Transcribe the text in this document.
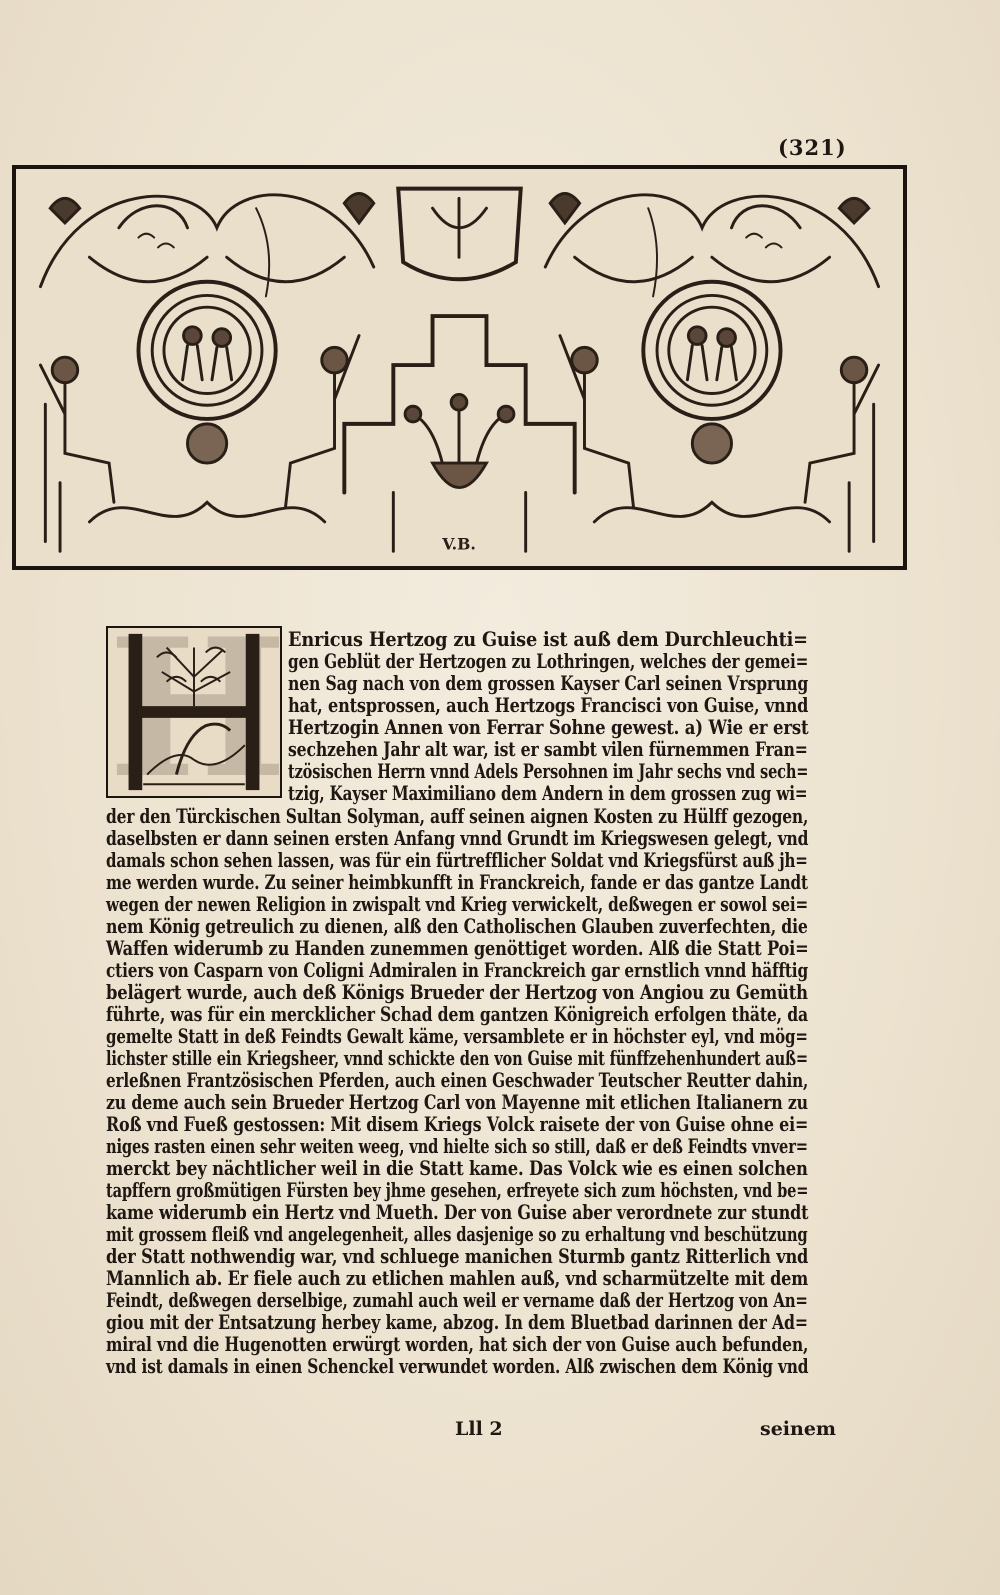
(321)
V.B.
H Enricus Hertzog zu Guise ist auß dem Durchleuchti=
gen Geblüt der Hertzogen zu Lothringen, welches der gemei=
nen Sag nach von dem grossen Kayser Carl seinen Vrsprung
hat, entsprossen, auch Hertzogs Francisci von Guise, vnnd
Hertzogin Annen von Ferrar Sohne gewest. a) Wie er erst
sechzehen Jahr alt war, ist er sambt vilen fürnemmen Fran=
tzösischen Herrn vnnd Adels Persohnen im Jahr sechs vnd sech=
tzig, Kayser Maximiliano dem Andern in dem grossen zug wi=
der den Türckischen Sultan Solyman, auff seinen aignen Kosten zu Hülff gezogen,
daselbsten er dann seinen ersten Anfang vnnd Grundt im Kriegswesen gelegt, vnd
damals schon sehen lassen, was für ein fürtrefflicher Soldat vnd Kriegsfürst auß jh=
me werden wurde. Zu seiner heimbkunfft in Franckreich, fande er das gantze Landt
wegen der newen Religion in zwispalt vnd Krieg verwickelt, deßwegen er sowol sei=
nem König getreulich zu dienen, alß den Catholischen Glauben zuverfechten, die
Waffen widerumb zu Handen zunemmen genöttiget worden. Alß die Statt Poi=
ctiers von Casparn von Coligni Admiralen in Franckreich gar ernstlich vnnd häfftig
belägert wurde, auch deß Königs Brueder der Hertzog von Angiou zu Gemüth
führte, was für ein mercklicher Schad dem gantzen Königreich erfolgen thäte, da
gemelte Statt in deß Feindts Gewalt käme, versamblete er in höchster eyl, vnd mög=
lichster stille ein Kriegsheer, vnnd schickte den von Guise mit fünffzehenhundert auß=
erleßnen Frantzösischen Pferden, auch einen Geschwader Teutscher Reutter dahin,
zu deme auch sein Brueder Hertzog Carl von Mayenne mit etlichen Italianern zu
Roß vnd Fueß gestossen: Mit disem Kriegs Volck raisete der von Guise ohne ei=
niges rasten einen sehr weiten weeg, vnd hielte sich so still, daß er deß Feindts vnver=
merckt bey nächtlicher weil in die Statt kame. Das Volck wie es einen solchen
tapffern großmütigen Fürsten bey jhme gesehen, erfreyete sich zum höchsten, vnd be=
kame widerumb ein Hertz vnd Mueth. Der von Guise aber verordnete zur stundt
mit grossem fleiß vnd angelegenheit, alles dasjenige so zu erhaltung vnd beschützung
der Statt nothwendig war, vnd schluege manichen Sturmb gantz Ritterlich vnd
Mannlich ab. Er fiele auch zu etlichen mahlen auß, vnd scharmützelte mit dem
Feindt, deßwegen derselbige, zumahl auch weil er vername daß der Hertzog von An=
giou mit der Entsatzung herbey kame, abzog. In dem Bluetbad darinnen der Ad=
miral vnd die Hugenotten erwürgt worden, hat sich der von Guise auch befunden,
vnd ist damals in einen Schenckel verwundet worden. Alß zwischen dem König vnd
Lll 2	seinem
